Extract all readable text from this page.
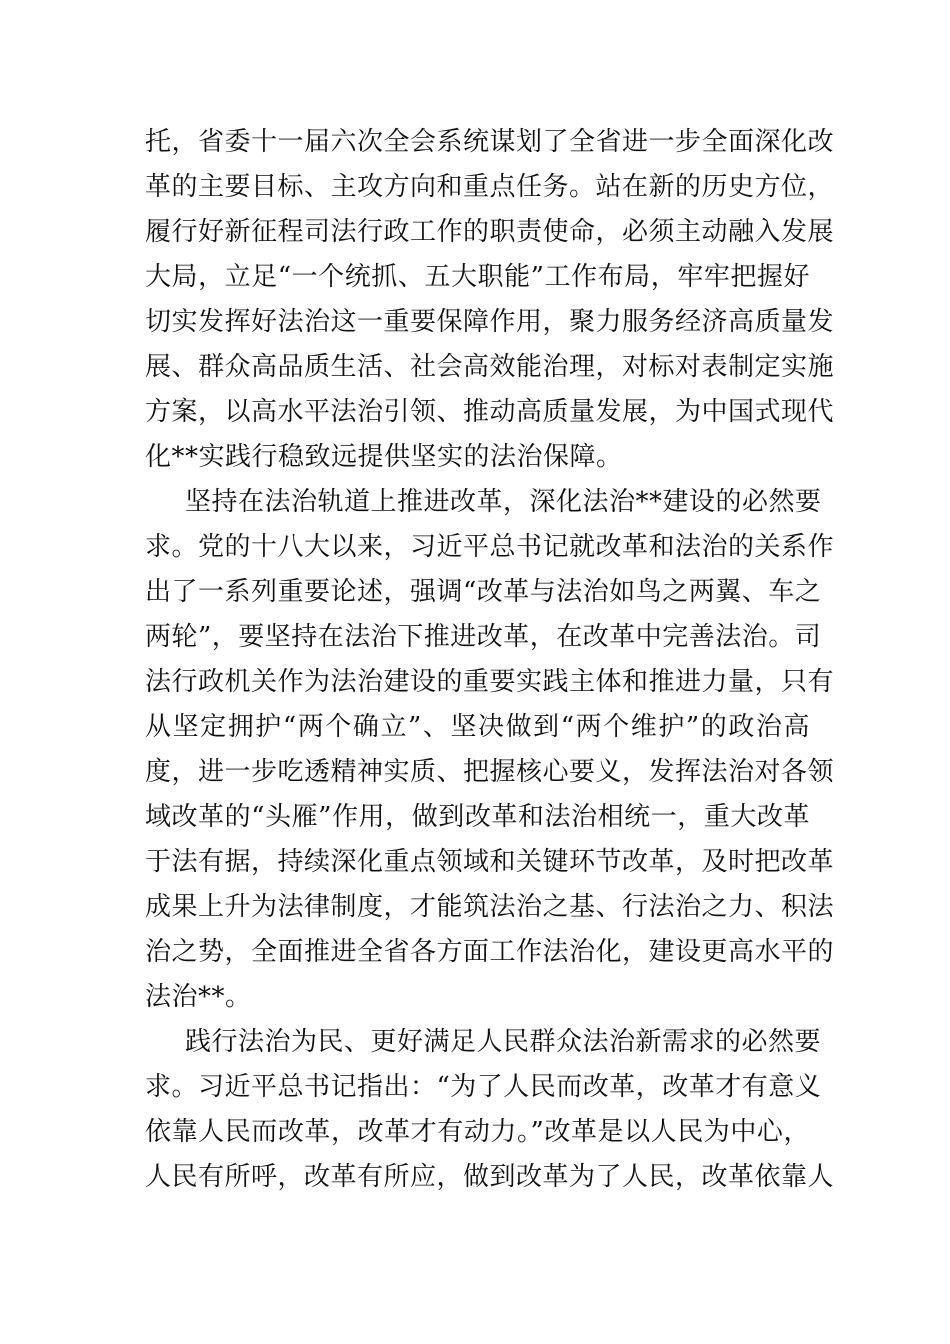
托，省委十一届六次全会系统谋划了全省进一步全面深化改
革的主要目标、主攻方向和重点任务。站在新的历史方位，
履行好新征程司法行政工作的职责使命，必须主动融入发展
大局，立足“一个统抓、五大职能”工作布局，牢牢把握好
切实发挥好法治这一重要保障作用，聚力服务经济高质量发
展、群众高品质生活、社会高效能治理，对标对表制定实施
方案，以高水平法治引领、推动高质量发展，为中国式现代
化**实践行稳致远提供坚实的法治保障。
坚持在法治轨道上推进改革，深化法治**建设的必然要
求。党的十八大以来，习近平总书记就改革和法治的关系作
出了一系列重要论述，强调“改革与法治如鸟之两翼、车之
两轮”，要坚持在法治下推进改革，在改革中完善法治。司
法行政机关作为法治建设的重要实践主体和推进力量，只有
从坚定拥护“两个确立”、坚决做到“两个维护”的政治高
度，进一步吃透精神实质、把握核心要义，发挥法治对各领
域改革的“头雁”作用，做到改革和法治相统一，重大改革
于法有据，持续深化重点领域和关键环节改革，及时把改革
成果上升为法律制度，才能筑法治之基、行法治之力、积法
治之势，全面推进全省各方面工作法治化，建设更高水平的
法治**。
践行法治为民、更好满足人民群众法治新需求的必然要
求。习近平总书记指出：“为了人民而改革，改革才有意义
依靠人民而改革，改革才有动力。”改革是以人民为中心，
人民有所呼，改革有所应，做到改革为了人民，改革依靠人
